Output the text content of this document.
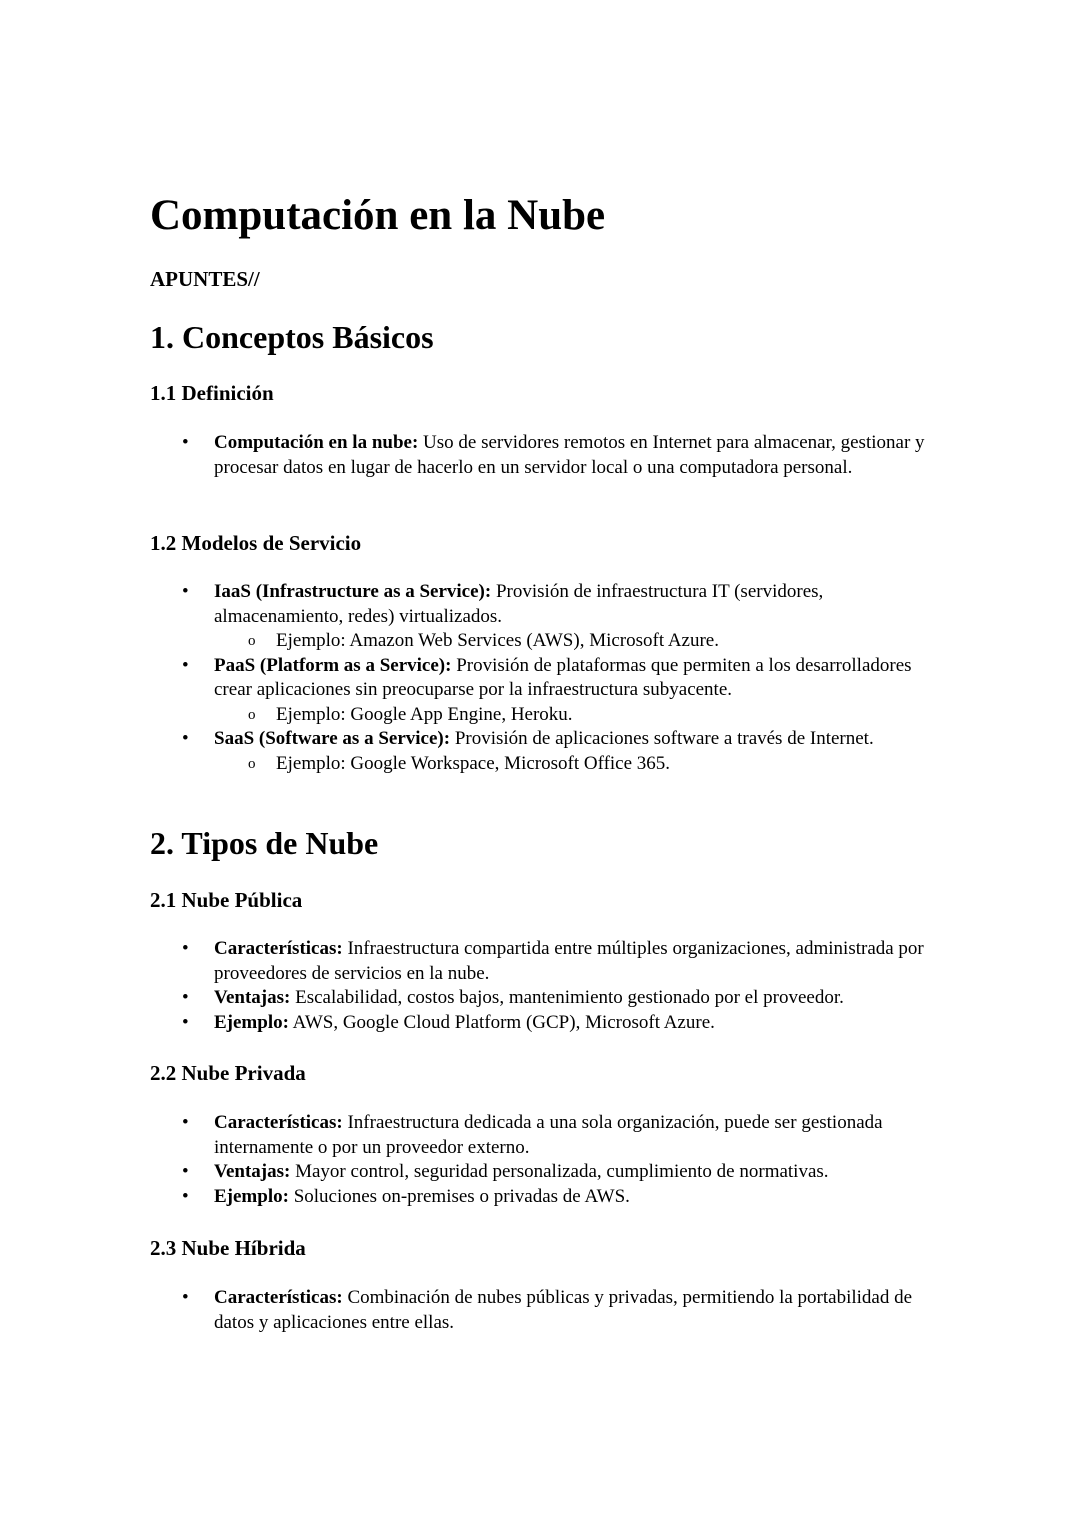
Computación en la Nube
APUNTES//
1. Conceptos Básicos
1.1 Definición
• Computación en la nube: Uso de servidores remotos en Internet para almacenar, gestionar y procesar datos en lugar de hacerlo en un servidor local o una computadora personal.
1.2 Modelos de Servicio
• IaaS (Infrastructure as a Service): Provisión de infraestructura IT (servidores, almacenamiento, redes) virtualizados.
o Ejemplo: Amazon Web Services (AWS), Microsoft Azure.
• PaaS (Platform as a Service): Provisión de plataformas que permiten a los desarrolladores crear aplicaciones sin preocuparse por la infraestructura subyacente.
o Ejemplo: Google App Engine, Heroku.
• SaaS (Software as a Service): Provisión de aplicaciones software a través de Internet.
o Ejemplo: Google Workspace, Microsoft Office 365.
2. Tipos de Nube
2.1 Nube Pública
• Características: Infraestructura compartida entre múltiples organizaciones, administrada por proveedores de servicios en la nube.
• Ventajas: Escalabilidad, costos bajos, mantenimiento gestionado por el proveedor.
• Ejemplo: AWS, Google Cloud Platform (GCP), Microsoft Azure.
2.2 Nube Privada
• Características: Infraestructura dedicada a una sola organización, puede ser gestionada internamente o por un proveedor externo.
• Ventajas: Mayor control, seguridad personalizada, cumplimiento de normativas.
• Ejemplo: Soluciones on-premises o privadas de AWS.
2.3 Nube Híbrida
• Características: Combinación de nubes públicas y privadas, permitiendo la portabilidad de datos y aplicaciones entre ellas.
